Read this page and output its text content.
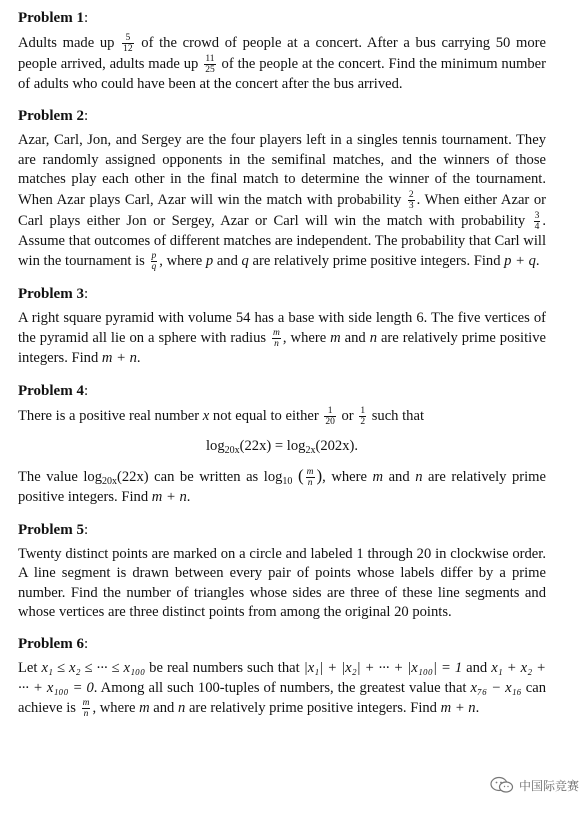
Problem 1:

Adults made up $\frac{5}{12}$ of the crowd of people at a concert. After a bus carrying 50 more people arrived, adults made up $\frac{11}{25}$ of the people at the concert. Find the minimum number of adults who could have been at the concert after the bus arrived.

Problem 2:

Azar, Carl, Jon, and Sergey are the four players left in a singles tennis tournament. They are randomly assigned opponents in the semifinal matches, and the winners of those matches play each other in the final match to determine the winner of the tournament. When Azar plays Carl, Azar will win the match with probability $\frac{2}{3}$ . When either Azar or Carl plays either Jon or Sergey, Azar or Carl will win the match with probability $\frac{3}{4}$ . Assume that outcomes of different matches are independent. The probability that Carl will win the tournament is $\frac{p}{q}$ , where p and q are relatively prime positive integers. Find p + q.

Problem 3:

A right square pyramid with volume 54 has a base with side length 6. The five vertices of the pyramid all lie on a sphere with radius $\frac{m}{n}$ , where m and n are relatively prime positive integers. Find m + n.

Problem 4:

There is a positive real number x not equal to either $\frac{1}{20}$ or $\frac{1}{2}$ such that

$\log_{20x}(22x) = \log_{2x}(202x)$.

The value $\log_{20x}(22x)$ can be written as $\log_{10}$ ( $\frac{m}{n}$ ), where m and n are relatively prime positive integers. Find m + n.

Problem 5:

Twenty distinct points are marked on a circle and labeled 1 through 20 in clockwise order. A line segment is drawn between every pair of points whose labels differ by a prime number. Find the number of triangles whose sides are three of these line segments and whose vertices are three distinct points from among the original 20 points.

Problem 6:

Let x₁ ≤ x₂ ≤ ··· ≤ x₁₀₀ be real numbers such that |x₁| + |x₂| + ··· + |x₁₀₀| = 1 and x₁ + x₂ + ··· + x₁₀₀ = 0. Among all such 100-tuples of numbers, the greatest value that x₇₆ − x₁₆ can achieve is $\frac{m}{n}$ , where m and n are relatively prime positive integers. Find m + n.

中国际竞赛
